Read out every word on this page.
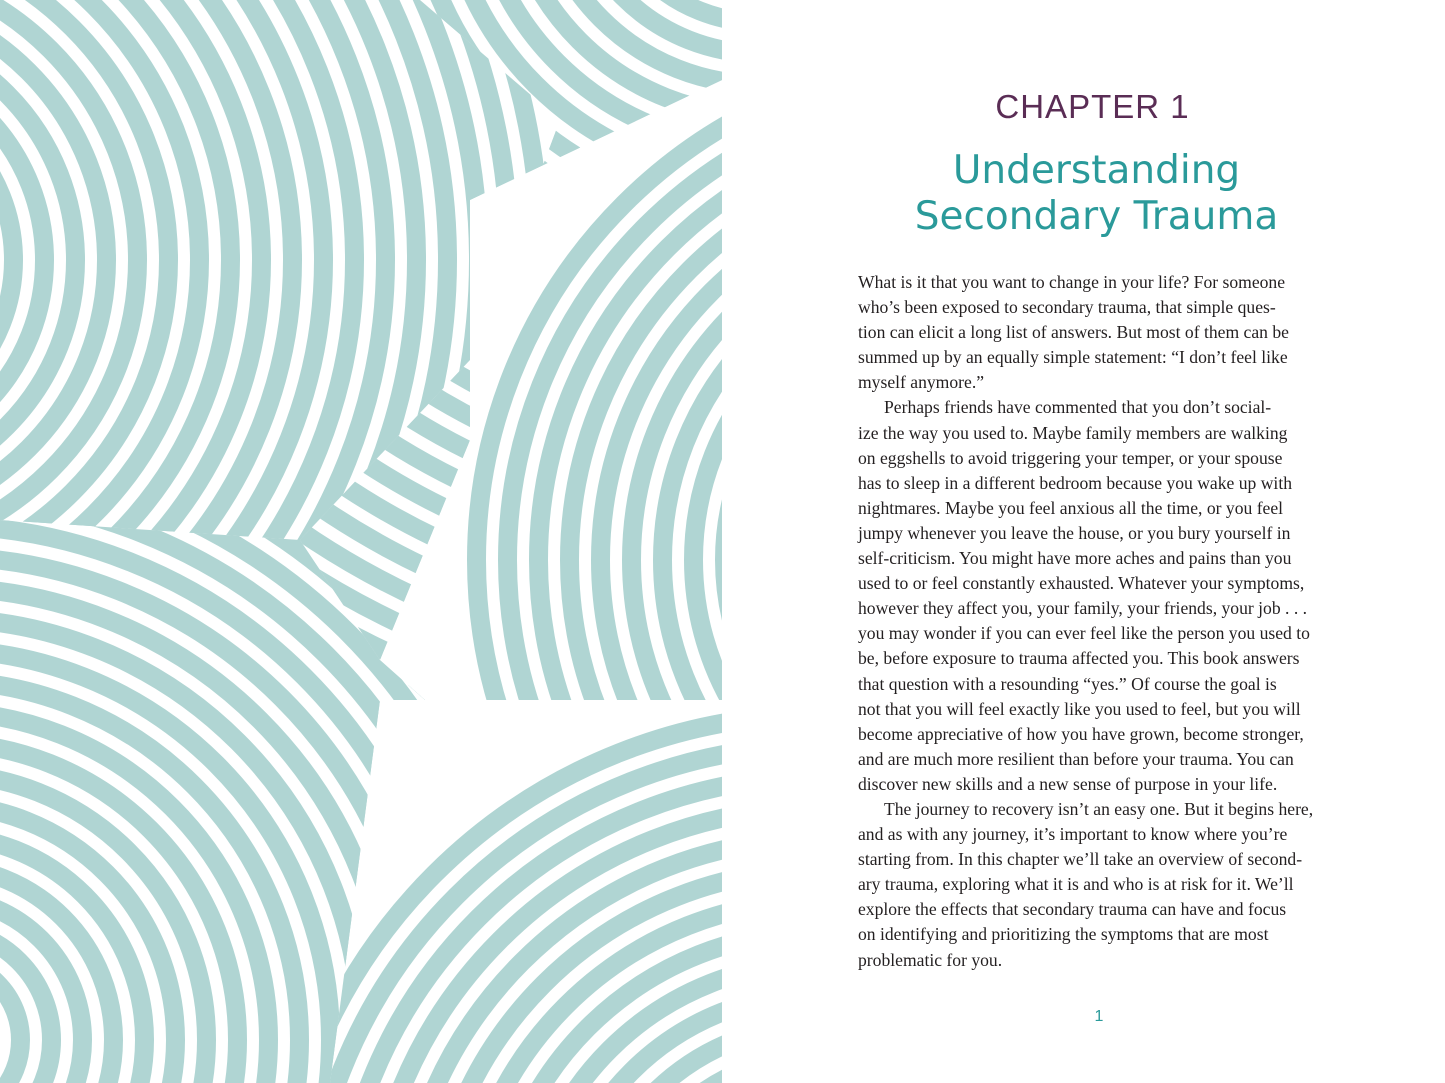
CHAPTER 1
Understanding
Secondary Trauma
What is it that you want to change in your life? For someone
who’s been exposed to secondary trauma, that simple ques-
tion can elicit a long list of answers. But most of them can be
summed up by an equally simple statement: “I don’t feel like
myself anymore.”
Perhaps friends have commented that you don’t social-
ize the way you used to. Maybe family members are walking
on eggshells to avoid triggering your temper, or your spouse
has to sleep in a different bedroom because you wake up with
nightmares. Maybe you feel anxious all the time, or you feel
jumpy whenever you leave the house, or you bury yourself in
self-criticism. You might have more aches and pains than you
used to or feel constantly exhausted. Whatever your symptoms,
however they affect you, your family, your friends, your job . . .
you may wonder if you can ever feel like the person you used to
be, before exposure to trauma affected you. This book answers
that question with a resounding “yes.” Of course the goal is
not that you will feel exactly like you used to feel, but you will
become appreciative of how you have grown, become stronger,
and are much more resilient than before your trauma. You can
discover new skills and a new sense of purpose in your life.
The journey to recovery isn’t an easy one. But it begins here,
and as with any journey, it’s important to know where you’re
starting from. In this chapter we’ll take an overview of second-
ary trauma, exploring what it is and who is at risk for it. We’ll
explore the effects that secondary trauma can have and focus
on identifying and prioritizing the symptoms that are most
problematic for you.
1
